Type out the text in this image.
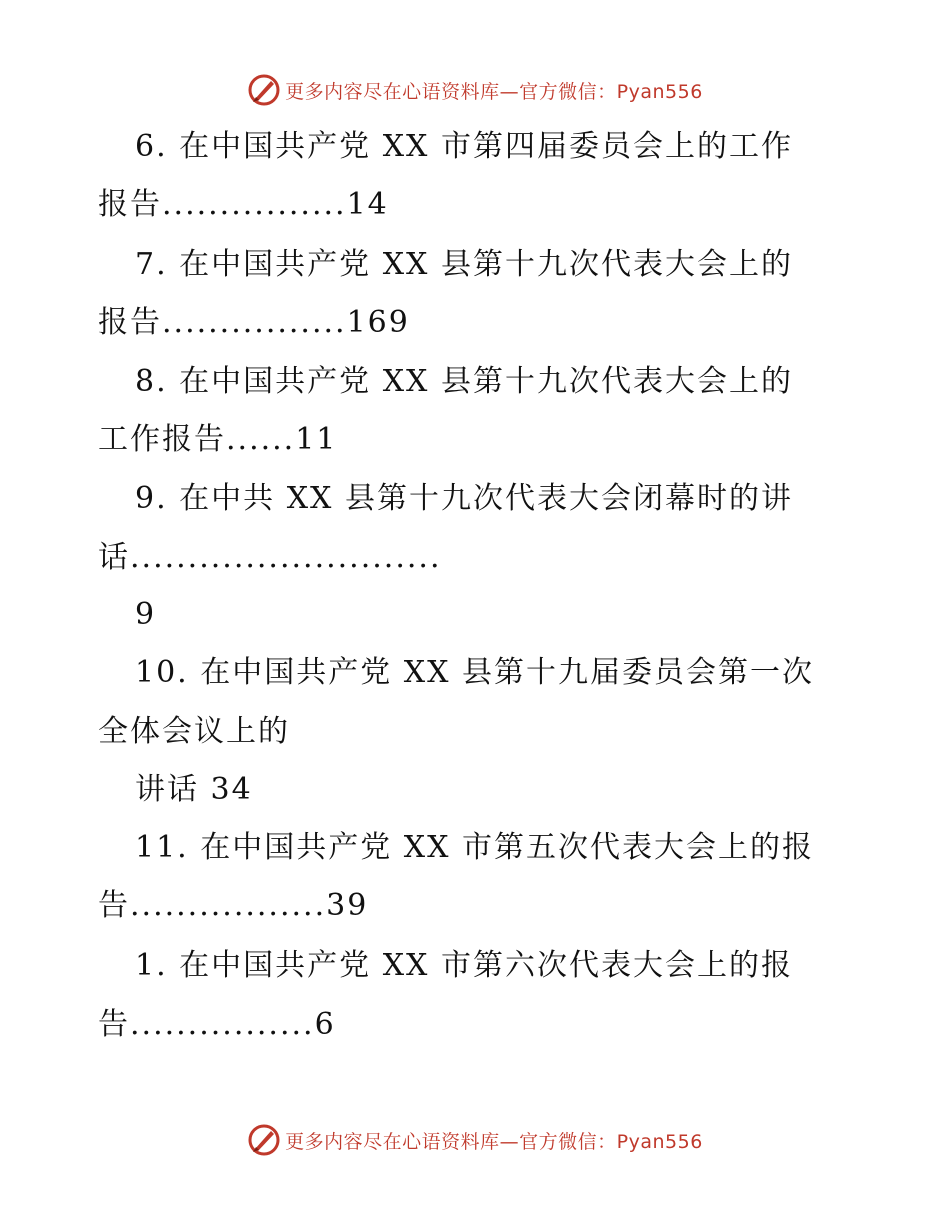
更多内容尽在心语资料库—官方微信：Pyan556
6. 在中国共产党 XX 市第四届委员会上的工作
报告................14
7. 在中国共产党 XX 县第十九次代表大会上的
报告................169
8. 在中国共产党 XX 县第十九次代表大会上的
工作报告......11
9. 在中共 XX 县第十九次代表大会闭幕时的讲
话...........................
9
10. 在中国共产党 XX 县第十九届委员会第一次
全体会议上的
讲话 34
11. 在中国共产党 XX 市第五次代表大会上的报
告.................39
1. 在中国共产党 XX 市第六次代表大会上的报
告................6
更多内容尽在心语资料库—官方微信：Pyan556
